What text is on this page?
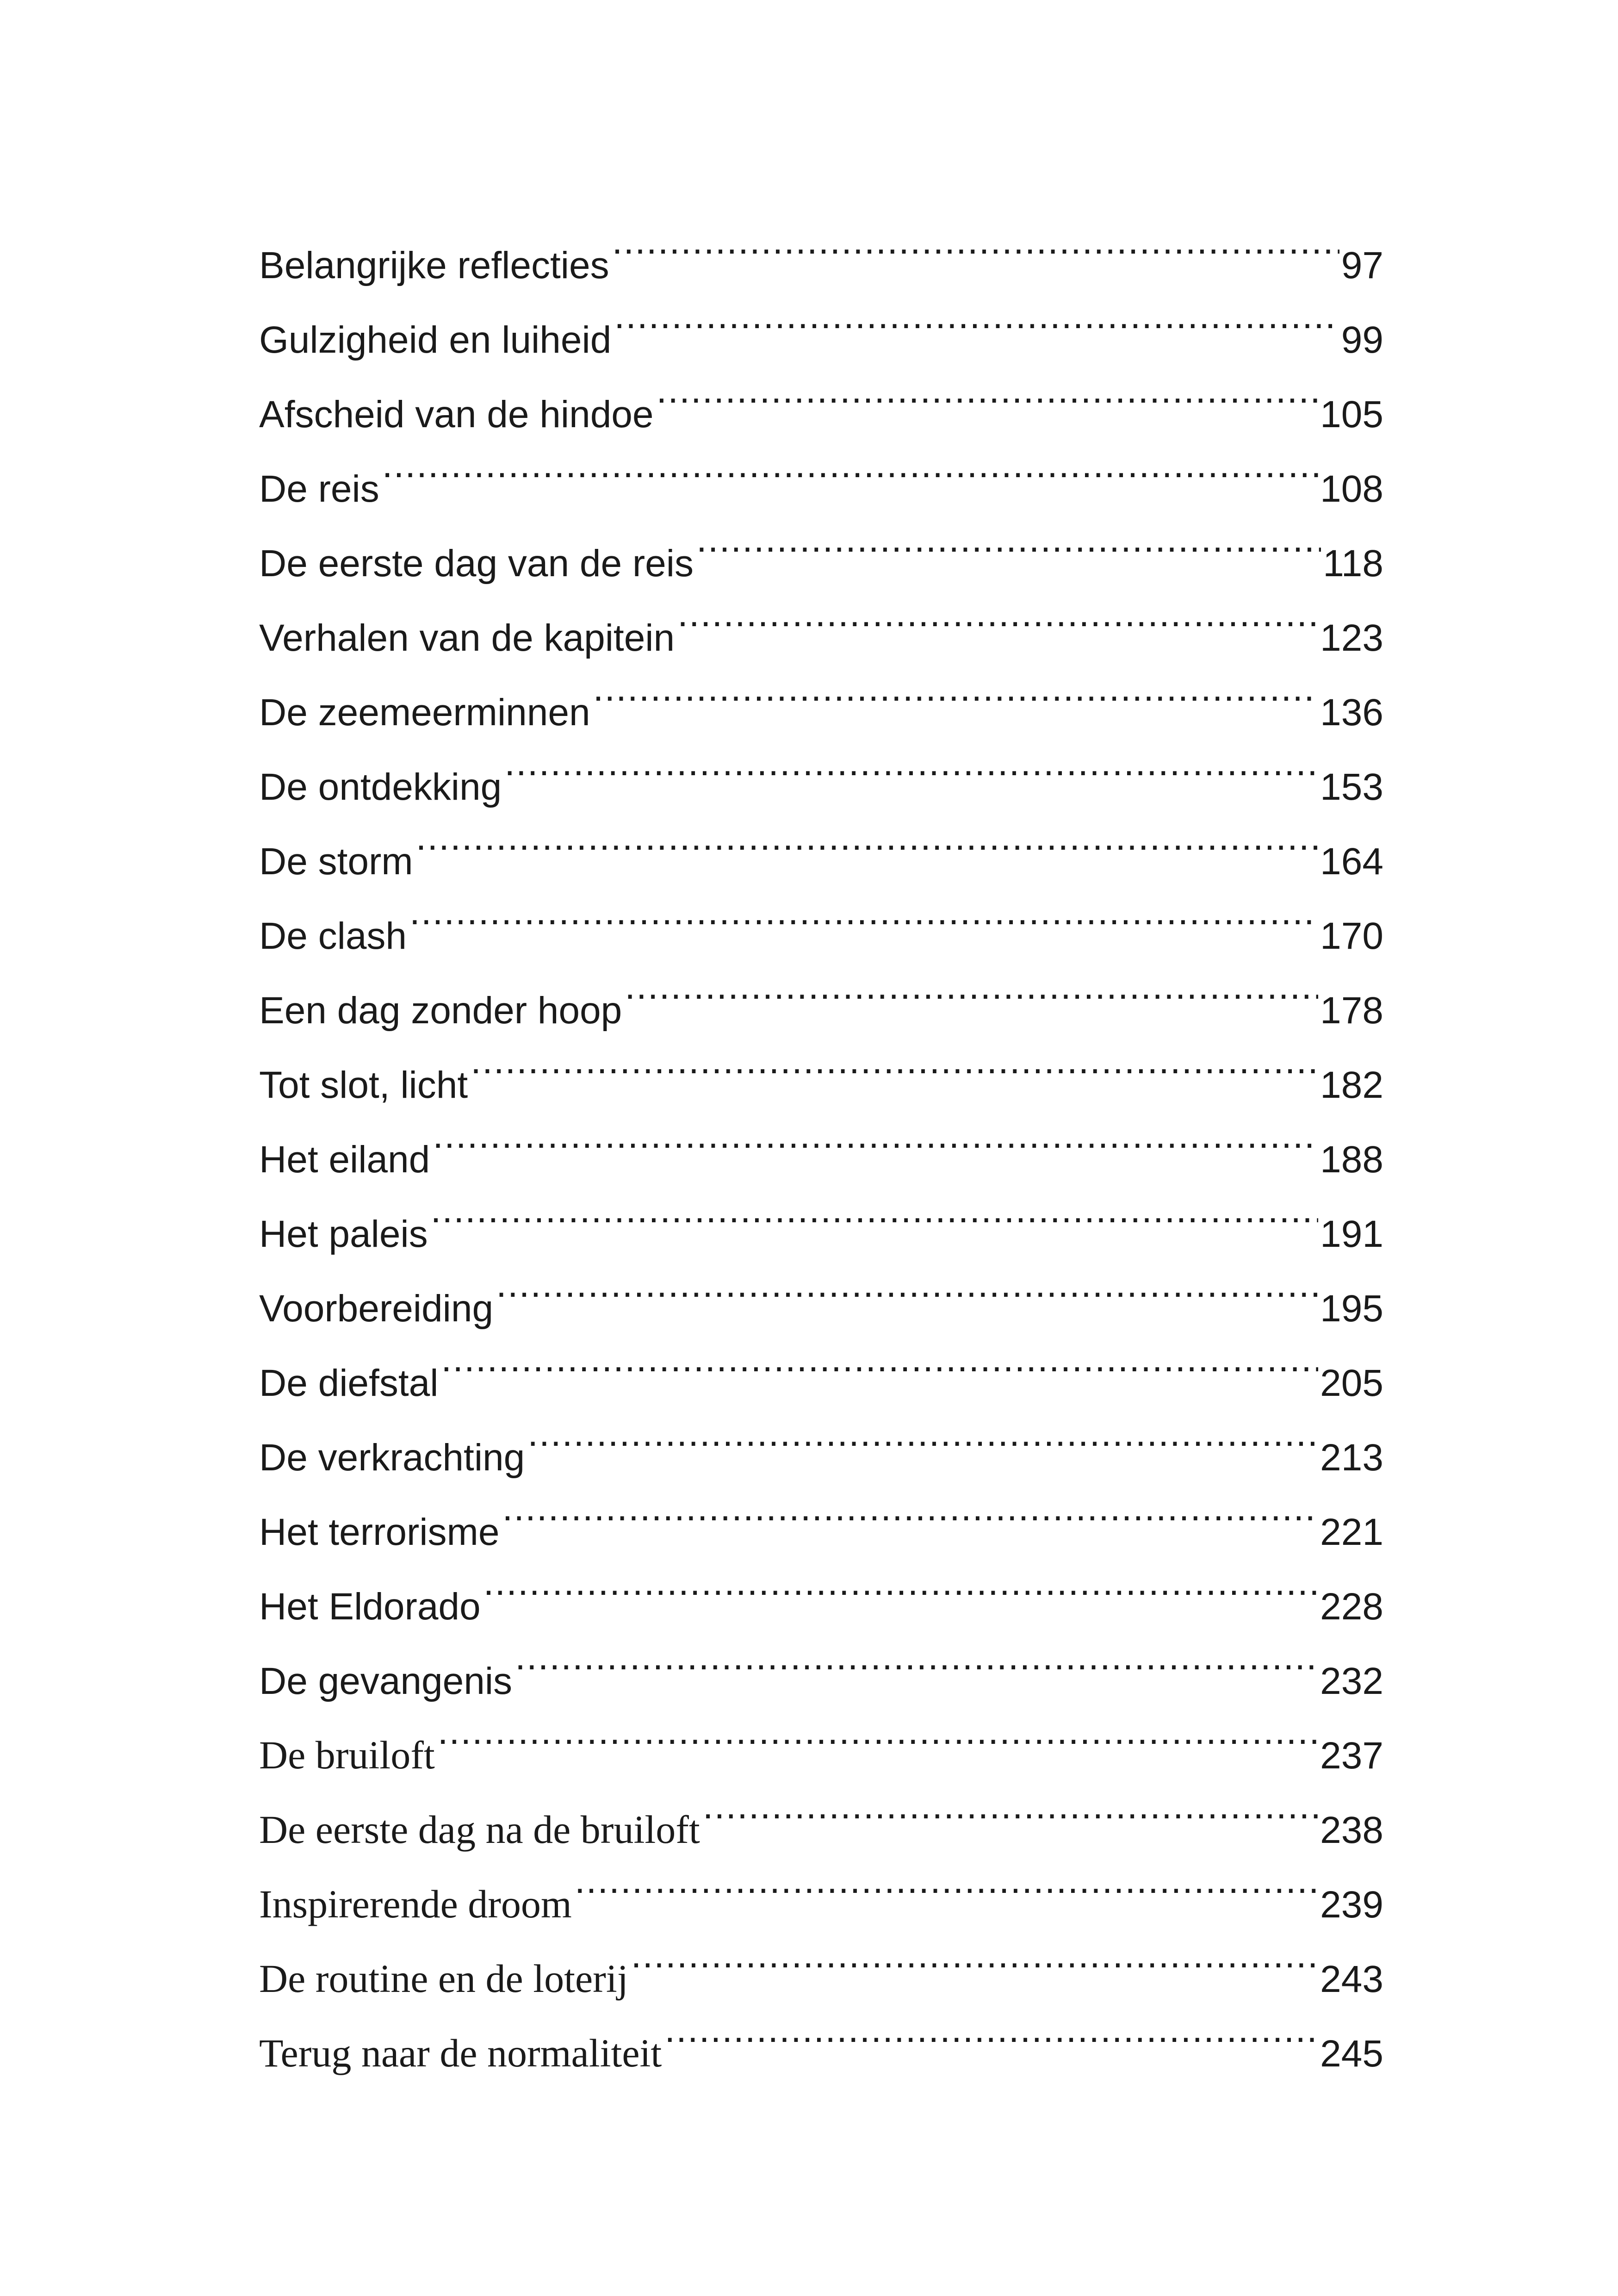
Belangrijke reflecties .....	97
Gulzigheid en luiheid .....	99
Afscheid van de hindoe .....	105
De reis .....	108
De eerste dag van de reis .....	118
Verhalen van de kapitein .....	123
De zeemeerminnen .....	136
De ontdekking .....	153
De storm .....	164
De clash .....	170
Een dag zonder hoop .....	178
Tot slot, licht .....	182
Het eiland .....	188
Het paleis .....	191
Voorbereiding .....	195
De diefstal .....	205
De verkrachting .....	213
Het terrorisme .....	221
Het Eldorado .....	228
De gevangenis .....	232
De bruiloft .....	237
De eerste dag na de bruiloft .....	238
Inspirerende droom .....	239
De routine en de loterij .....	243
Terug naar de normaliteit .....	245
